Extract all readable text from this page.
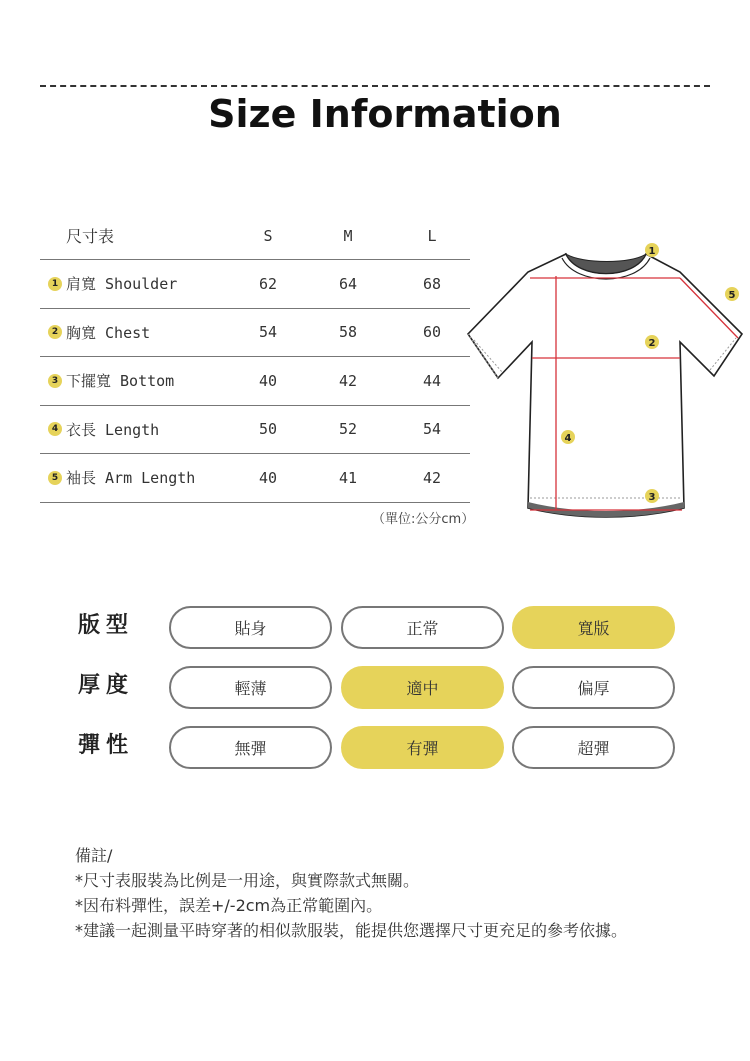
Size Information
尺寸表	S	M	L
1 肩寬 Shoulder	62	64	68
2 胸寬 Chest	54	58	60
3 下擺寬 Bottom	40	42	44
4 衣長 Length	50	52	54
5 袖長 Arm Length	40	41	42
（單位:公分cm）
1
2
3
4
5
版型	貼身	正常	寬版
厚度	輕薄	適中	偏厚
彈性	無彈	有彈	超彈
備註/
*尺寸表服裝為比例是一用途，與實際款式無關。
*因布料彈性，誤差+/-2cm為正常範圍內。
*建議一起測量平時穿著的相似款服裝，能提供您選擇尺寸更充足的參考依據。
